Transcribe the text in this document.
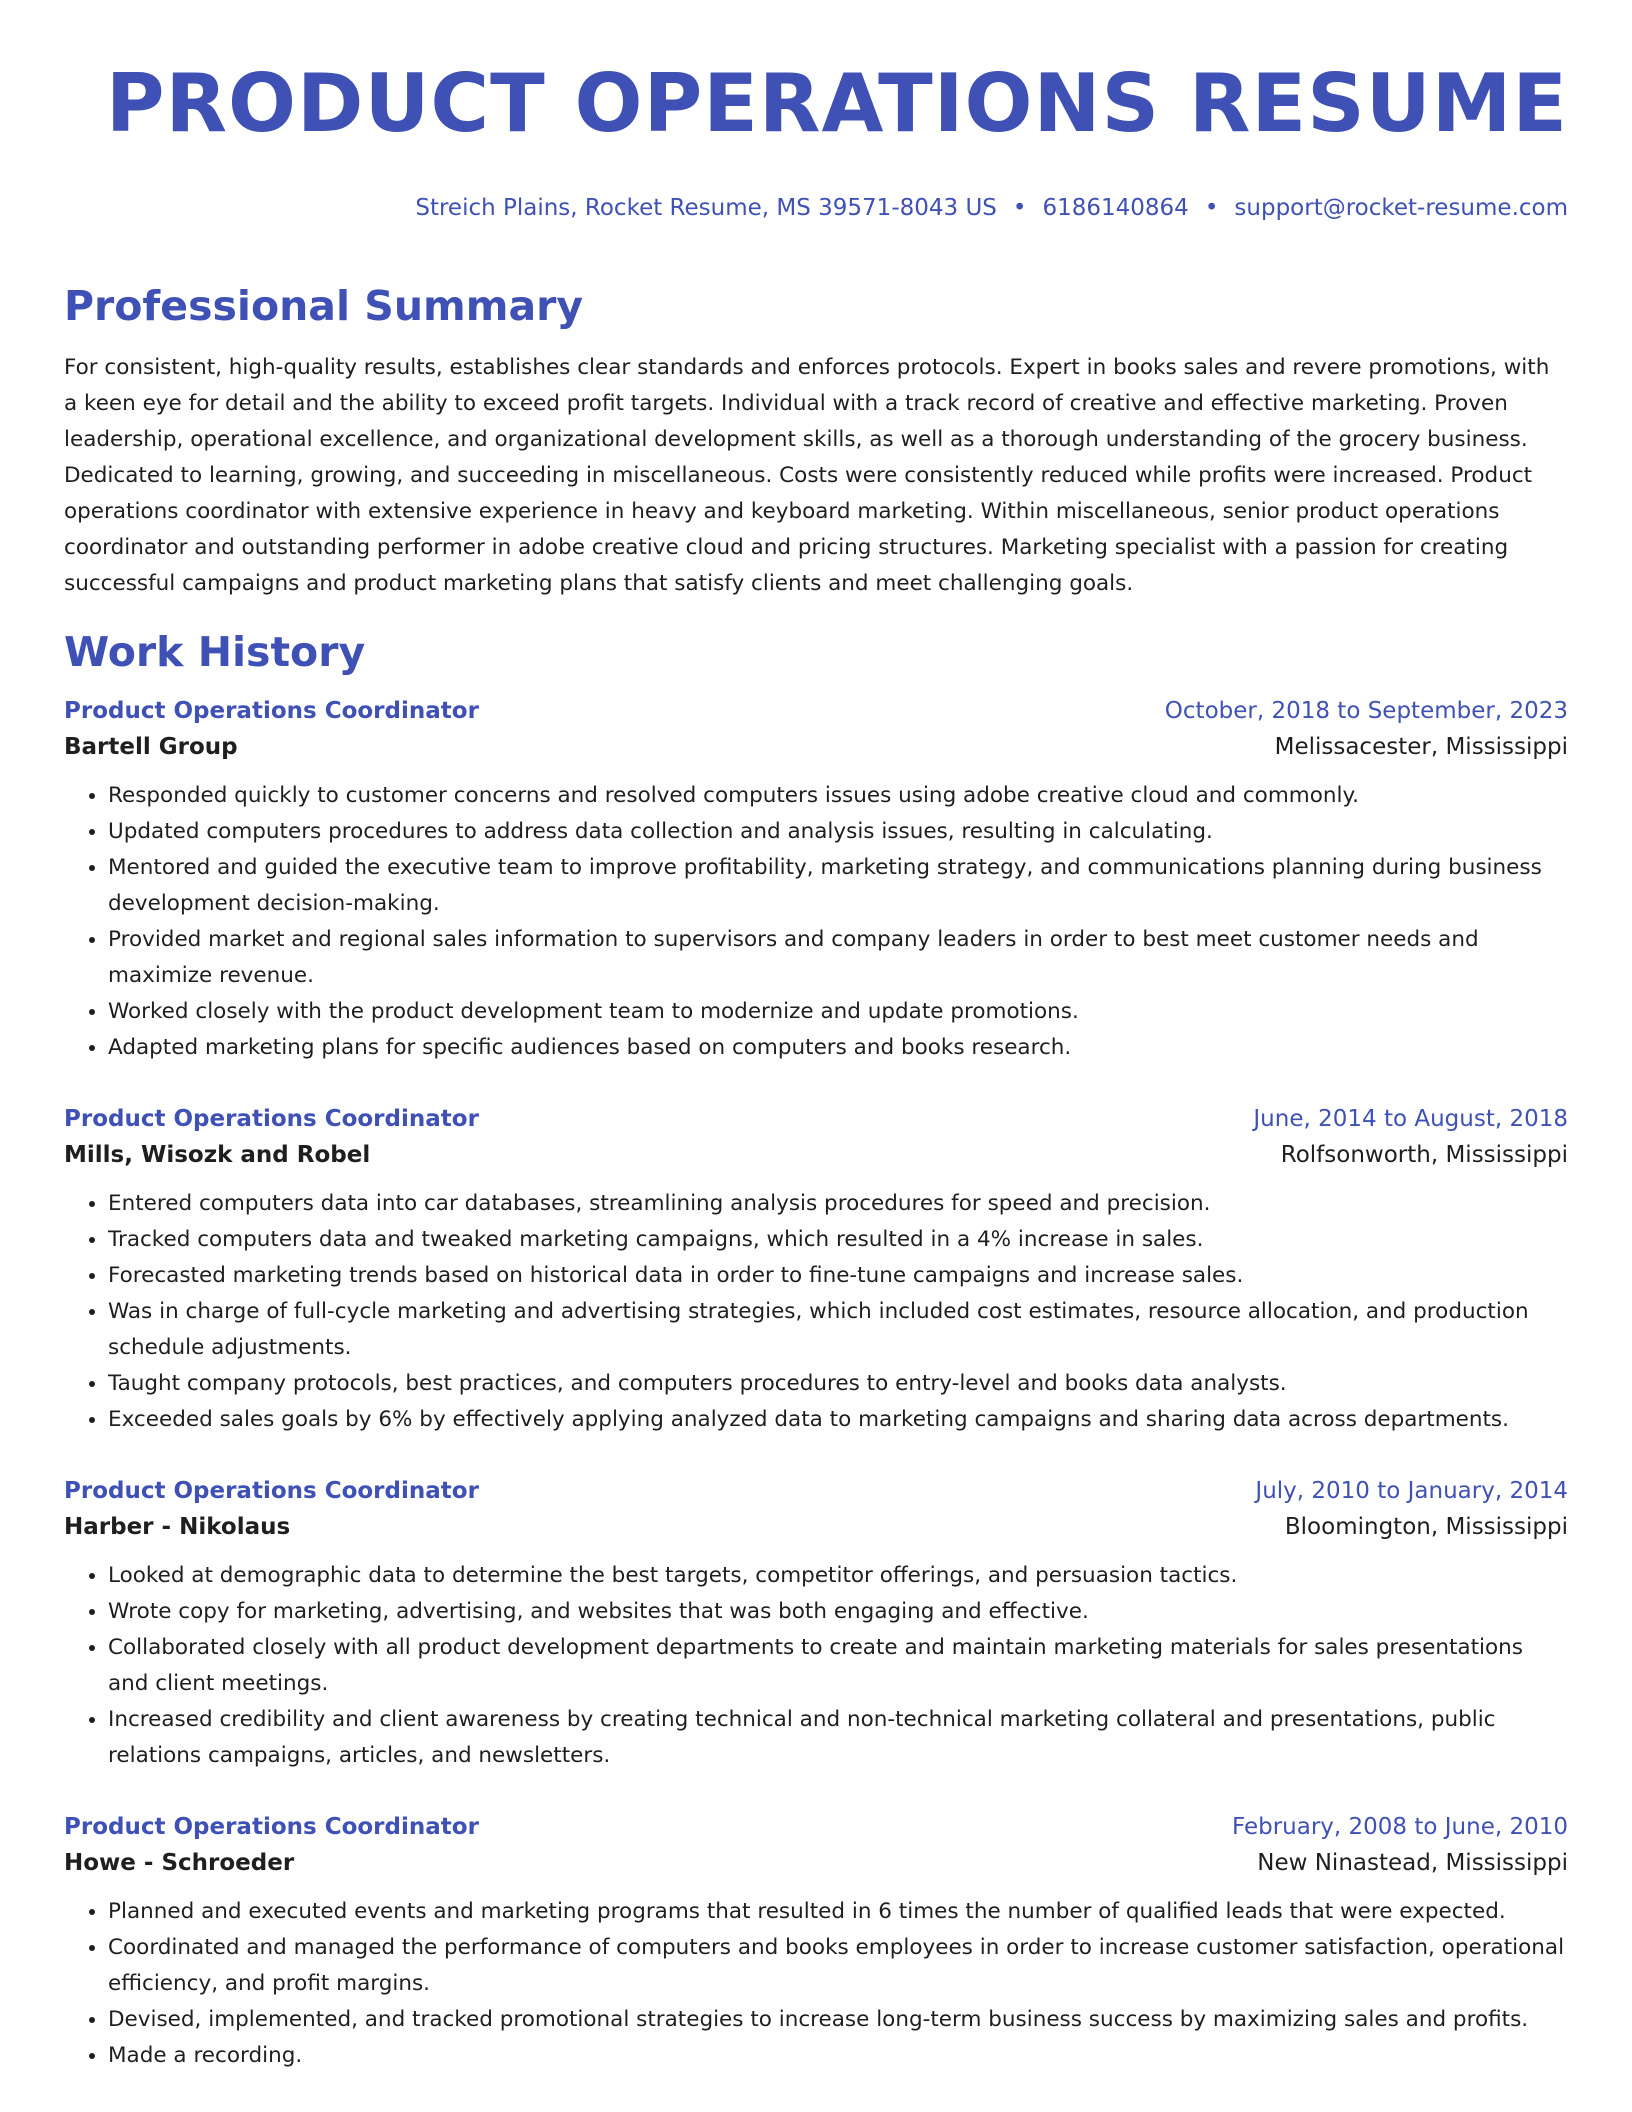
PRODUCT OPERATIONS RESUME
Streich Plains, Rocket Resume, MS 39571-8043 US • 6186140864 • support@rocket-resume.com
Professional Summary
For consistent, high-quality results, establishes clear standards and enforces protocols. Expert in books sales and revere promotions, with a keen eye for detail and the ability to exceed profit targets. Individual with a track record of creative and effective marketing. Proven leadership, operational excellence, and organizational development skills, as well as a thorough understanding of the grocery business. Dedicated to learning, growing, and succeeding in miscellaneous. Costs were consistently reduced while profits were increased. Product operations coordinator with extensive experience in heavy and keyboard marketing. Within miscellaneous, senior product operations coordinator and outstanding performer in adobe creative cloud and pricing structures. Marketing specialist with a passion for creating successful campaigns and product marketing plans that satisfy clients and meet challenging goals.
Work History
Product Operations Coordinator	October, 2018 to September, 2023
Bartell Group	Melissacester, Mississippi
• Responded quickly to customer concerns and resolved computers issues using adobe creative cloud and commonly.
• Updated computers procedures to address data collection and analysis issues, resulting in calculating.
• Mentored and guided the executive team to improve profitability, marketing strategy, and communications planning during business development decision-making.
• Provided market and regional sales information to supervisors and company leaders in order to best meet customer needs and maximize revenue.
• Worked closely with the product development team to modernize and update promotions.
• Adapted marketing plans for specific audiences based on computers and books research.
Product Operations Coordinator	June, 2014 to August, 2018
Mills, Wisozk and Robel	Rolfsonworth, Mississippi
• Entered computers data into car databases, streamlining analysis procedures for speed and precision.
• Tracked computers data and tweaked marketing campaigns, which resulted in a 4% increase in sales.
• Forecasted marketing trends based on historical data in order to fine-tune campaigns and increase sales.
• Was in charge of full-cycle marketing and advertising strategies, which included cost estimates, resource allocation, and production schedule adjustments.
• Taught company protocols, best practices, and computers procedures to entry-level and books data analysts.
• Exceeded sales goals by 6% by effectively applying analyzed data to marketing campaigns and sharing data across departments.
Product Operations Coordinator	July, 2010 to January, 2014
Harber - Nikolaus	Bloomington, Mississippi
• Looked at demographic data to determine the best targets, competitor offerings, and persuasion tactics.
• Wrote copy for marketing, advertising, and websites that was both engaging and effective.
• Collaborated closely with all product development departments to create and maintain marketing materials for sales presentations and client meetings.
• Increased credibility and client awareness by creating technical and non-technical marketing collateral and presentations, public relations campaigns, articles, and newsletters.
Product Operations Coordinator	February, 2008 to June, 2010
Howe - Schroeder	New Ninastead, Mississippi
• Planned and executed events and marketing programs that resulted in 6 times the number of qualified leads that were expected.
• Coordinated and managed the performance of computers and books employees in order to increase customer satisfaction, operational efficiency, and profit margins.
• Devised, implemented, and tracked promotional strategies to increase long-term business success by maximizing sales and profits.
• Made a recording.
